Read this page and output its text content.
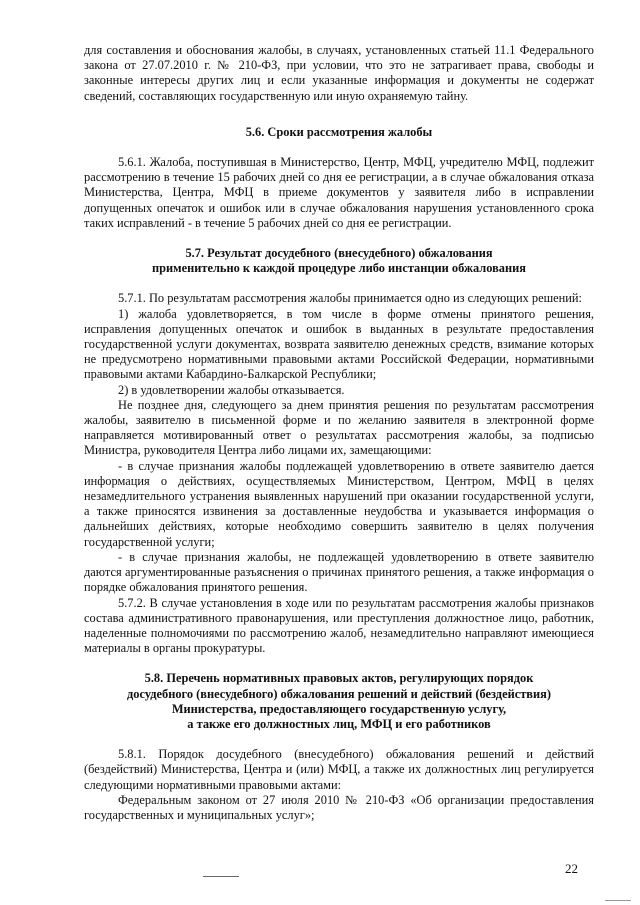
для составления и обоснования жалобы, в случаях, установленных статьей 11.1 Федерального закона от 27.07.2010 г. № 210-ФЗ, при условии, что это не затрагивает права, свободы и законные интересы других лиц и если указанные информация и документы не содержат сведений, составляющих государственную или иную охраняемую тайну.

5.6. Сроки рассмотрения жалобы

5.6.1. Жалоба, поступившая в Министерство, Центр, МФЦ, учредителю МФЦ, подлежит рассмотрению в течение 15 рабочих дней со дня ее регистрации, а в случае обжалования отказа Министерства, Центра, МФЦ в приеме документов у заявителя либо в исправлении допущенных опечаток и ошибок или в случае обжалования нарушения установленного срока таких исправлений - в течение 5 рабочих дней со дня ее регистрации.

5.7. Результат досудебного (внесудебного) обжалования
применительно к каждой процедуре либо инстанции обжалования

5.7.1. По результатам рассмотрения жалобы принимается одно из следующих решений:

1) жалоба удовлетворяется, в том числе в форме отмены принятого решения, исправления допущенных опечаток и ошибок в выданных в результате предоставления государственной услуги документах, возврата заявителю денежных средств, взимание которых не предусмотрено нормативными правовыми актами Российской Федерации, нормативными правовыми актами Кабардино-Балкарской Республики;

2) в удовлетворении жалобы отказывается.

Не позднее дня, следующего за днем принятия решения по результатам рассмотрения жалобы, заявителю в письменной форме и по желанию заявителя в электронной форме направляется мотивированный ответ о результатах рассмотрения жалобы, за подписью Министра, руководителя Центра либо лицами их, замещающими:

- в случае признания жалобы подлежащей удовлетворению в ответе заявителю дается информация о действиях, осуществляемых Министерством, Центром, МФЦ в целях незамедлительного устранения выявленных нарушений при оказании государственной услуги, а также приносятся извинения за доставленные неудобства и указывается информация о дальнейших действиях, которые необходимо совершить заявителю в целях получения государственной услуги;

- в случае признания жалобы, не подлежащей удовлетворению в ответе заявителю даются аргументированные разъяснения о причинах принятого решения, а также информация о порядке обжалования принятого решения.

5.7.2. В случае установления в ходе или по результатам рассмотрения жалобы признаков состава административного правонарушения, или преступления должностное лицо, работник, наделенные полномочиями по рассмотрению жалоб, незамедлительно направляют имеющиеся материалы в органы прокуратуры.

5.8. Перечень нормативных правовых актов, регулирующих порядок
досудебного (внесудебного) обжалования решений и действий (бездействия)
Министерства, предоставляющего государственную услугу,
а также его должностных лиц, МФЦ и его работников

5.8.1. Порядок досудебного (внесудебного) обжалования решений и действий (бездействий) Министерства, Центра и (или) МФЦ, а также их должностных лиц регулируется следующими нормативными правовыми актами:

Федеральным законом от 27 июля 2010 № 210-ФЗ «Об организации предоставления государственных и муниципальных услуг»;

22
